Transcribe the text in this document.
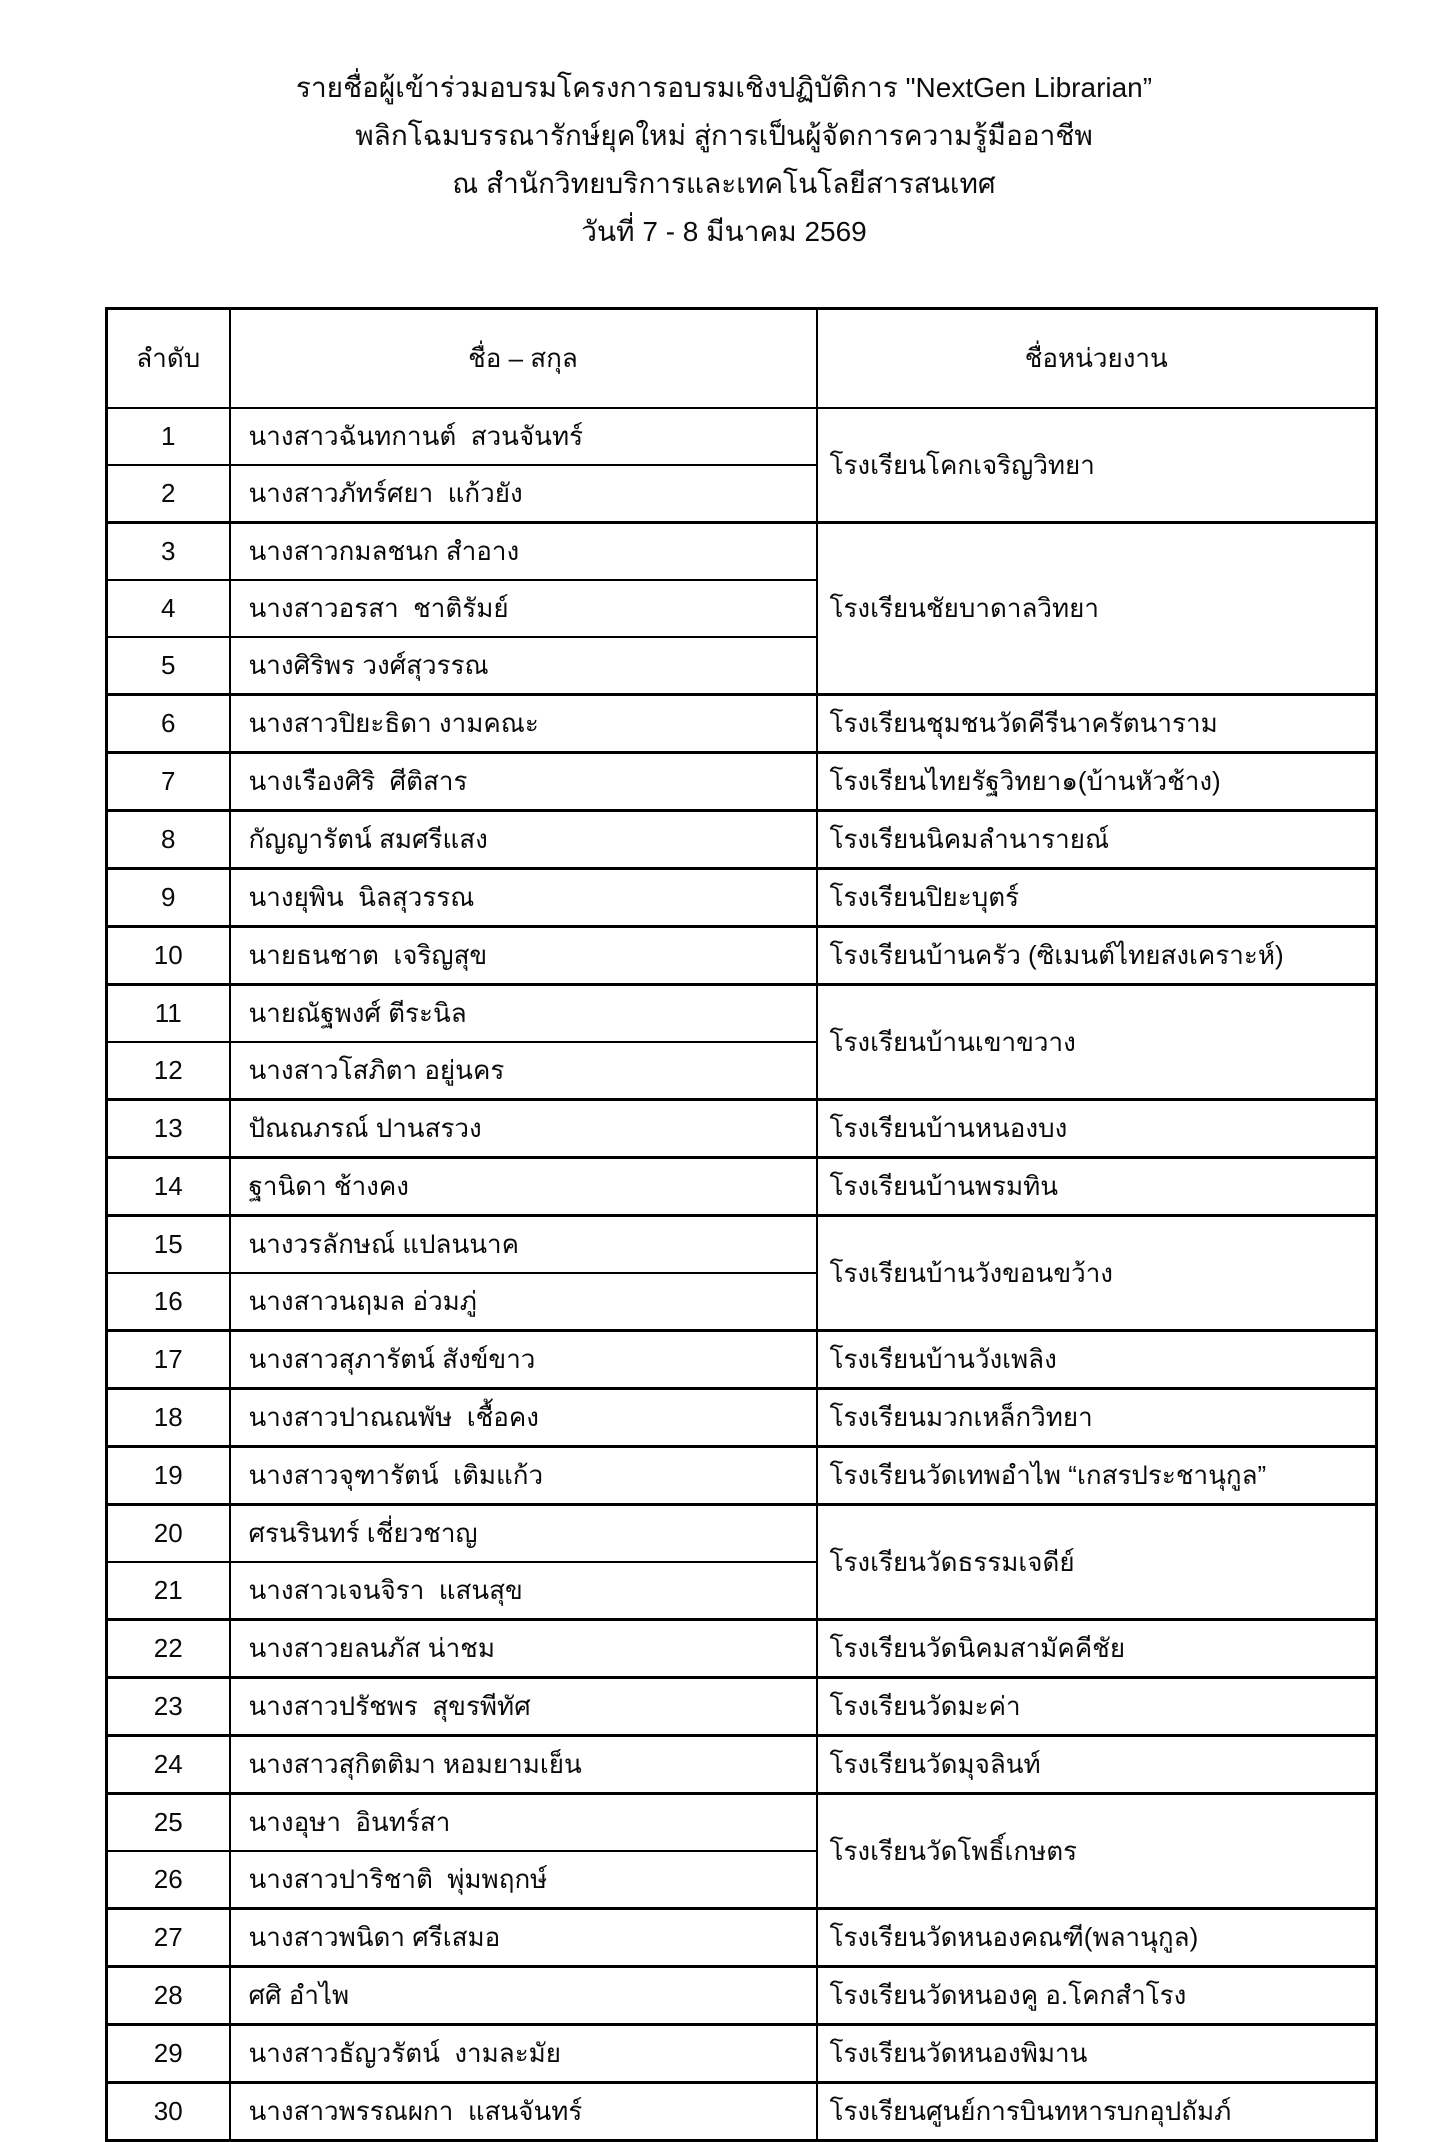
รายชื่อผู้เข้าร่วมอบรมโครงการอบรมเชิงปฏิบัติการ "NextGen Librarian”
พลิกโฉมบรรณารักษ์ยุคใหม่ สู่การเป็นผู้จัดการความรู้มืออาชีพ
ณ สำนักวิทยบริการและเทคโนโลยีสารสนเทศ
วันที่ 7 - 8 มีนาคม 2569
ลำดับ	ชื่อ – สกุล	ชื่อหน่วยงาน
1	นางสาวฉันทกานต์  สวนจันทร์	โรงเรียนโคกเจริญวิทยา
2	นางสาวภัทร์ศยา  แก้วยัง	
3	นางสาวกมลชนก สำอาง	โรงเรียนชัยบาดาลวิทยา
4	นางสาวอรสา  ชาติรัมย์	
5	นางศิริพร วงศ์สุวรรณ	
6	นางสาวปิยะธิดา งามคณะ	โรงเรียนชุมชนวัดคีรีนาครัตนาราม
7	นางเรืองศิริ  ศีติสาร	โรงเรียนไทยรัฐวิทยา๑(บ้านหัวช้าง)
8	กัญญารัตน์ สมศรีแสง	โรงเรียนนิคมลำนารายณ์
9	นางยุพิน  นิลสุวรรณ	โรงเรียนปิยะบุตร์
10	นายธนชาต  เจริญสุข	โรงเรียนบ้านครัว (ซิเมนต์ไทยสงเคราะห์)
11	นายณัฐพงศ์ ตีระนิล	โรงเรียนบ้านเขาขวาง
12	นางสาวโสภิตา อยู่นคร	
13	ปัณณภรณ์ ปานสรวง	โรงเรียนบ้านหนองบง
14	ฐานิดา ช้างคง	โรงเรียนบ้านพรมทิน
15	นางวรลักษณ์ แปลนนาค	โรงเรียนบ้านวังขอนขว้าง
16	นางสาวนฤมล อ่วมภู่	
17	นางสาวสุภารัตน์ สังข์ขาว	โรงเรียนบ้านวังเพลิง
18	นางสาวปาณณพัษ  เชื้อคง	โรงเรียนมวกเหล็กวิทยา
19	นางสาวจุฑารัตน์  เติมแก้ว	โรงเรียนวัดเทพอำไพ “เกสรประชานุกูล”
20	ศรนรินทร์ เชี่ยวชาญ	โรงเรียนวัดธรรมเจดีย์
21	นางสาวเจนจิรา  แสนสุข	
22	นางสาวยลนภัส น่าชม	โรงเรียนวัดนิคมสามัคคีชัย
23	นางสาวปรัชพร  สุขรพีทัศ	โรงเรียนวัดมะค่า
24	นางสาวสุกิตติมา หอมยามเย็น	โรงเรียนวัดมุจลินท์
25	นางอุษา  อินทร์สา	โรงเรียนวัดโพธิ์เกษตร
26	นางสาวปาริชาติ  พุ่มพฤกษ์	
27	นางสาวพนิดา ศรีเสมอ	โรงเรียนวัดหนองคณฑี(พลานุกูล)
28	ศศิ อำไพ	โรงเรียนวัดหนองคู อ.โคกสำโรง
29	นางสาวธัญวรัตน์  งามละมัย	โรงเรียนวัดหนองพิมาน
30	นางสาวพรรณผกา  แสนจันทร์	โรงเรียนศูนย์การบินทหารบกอุปถัมภ์
